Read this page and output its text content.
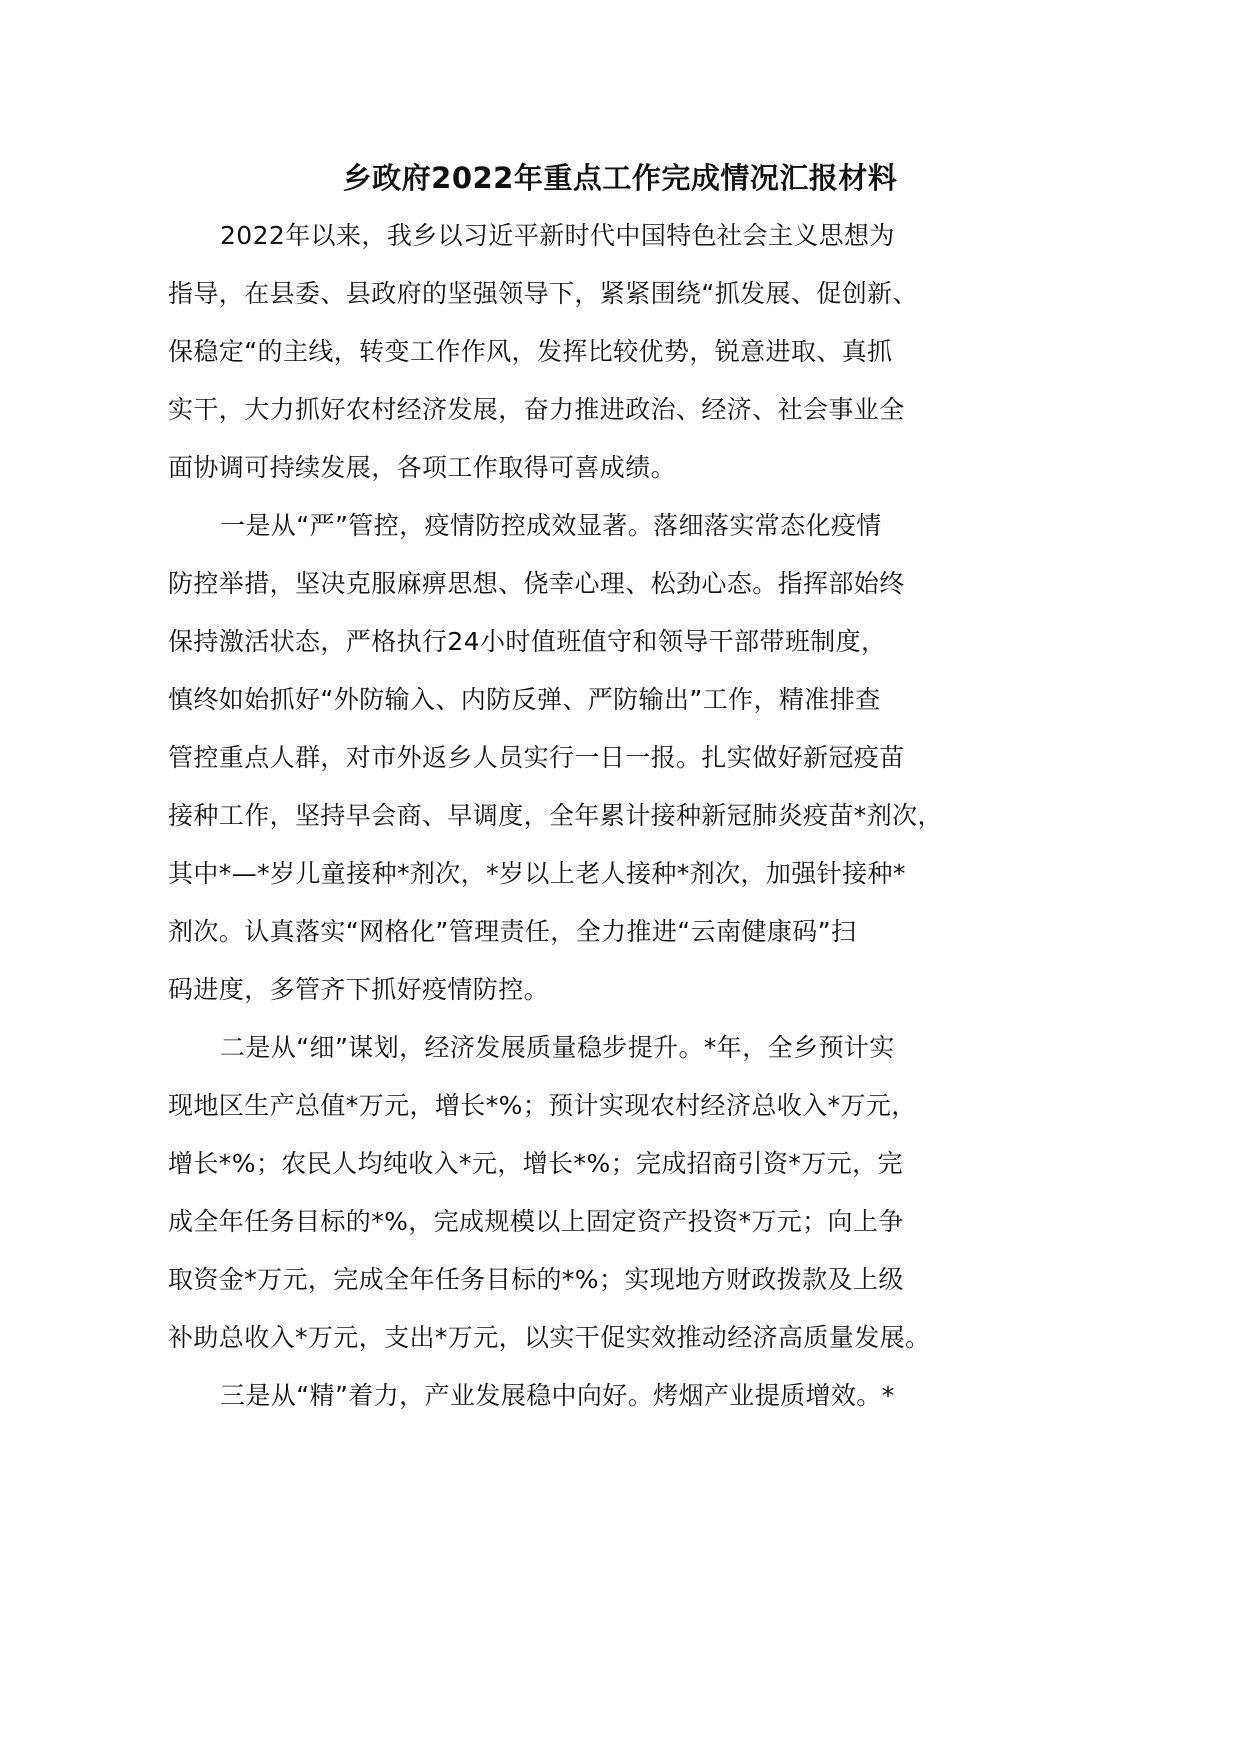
乡政府2022年重点工作完成情况汇报材料
2022年以来，我乡以习近平新时代中国特色社会主义思想为
指导，在县委、县政府的坚强领导下，紧紧围绕“抓发展、促创新、
保稳定“的主线，转变工作作风，发挥比较优势，锐意进取、真抓
实干，大力抓好农村经济发展，奋力推进政治、经济、社会事业全
面协调可持续发展，各项工作取得可喜成绩。
一是从“严”管控，疫情防控成效显著。落细落实常态化疫情
防控举措，坚决克服麻痹思想、侥幸心理、松劲心态。指挥部始终
保持激活状态，严格执行24小时值班值守和领导干部带班制度，
慎终如始抓好“外防输入、内防反弹、严防输出”工作，精准排查
管控重点人群，对市外返乡人员实行一日一报。扎实做好新冠疫苗
接种工作，坚持早会商、早调度，全年累计接种新冠肺炎疫苗*剂次，
其中*—*岁儿童接种*剂次，*岁以上老人接种*剂次，加强针接种*
剂次。认真落实“网格化”管理责任，全力推进“云南健康码”扫
码进度，多管齐下抓好疫情防控。
二是从“细”谋划，经济发展质量稳步提升。*年，全乡预计实
现地区生产总值*万元，增长*%；预计实现农村经济总收入*万元，
增长*%；农民人均纯收入*元，增长*%；完成招商引资*万元，完
成全年任务目标的*%，完成规模以上固定资产投资*万元；向上争
取资金*万元，完成全年任务目标的*%；实现地方财政拨款及上级
补助总收入*万元，支出*万元，以实干促实效推动经济高质量发展。
三是从“精”着力，产业发展稳中向好。烤烟产业提质增效。*
